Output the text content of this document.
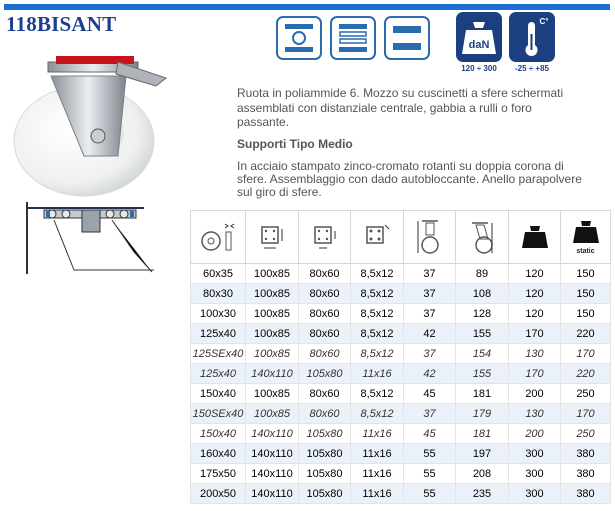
118BISANT
daN
120 ÷ 300
C°
-25 ÷ +85
Ruota in poliammide 6. Mozzo su cuscinetti a sfere schermati assemblati con distanziale centrale, gabbia a rulli o foro passante.
Supporti Tipo Medio
In acciaio stampato zinco-cromato rotanti su doppia corona di sfere. Assemblaggio con dado autobloccante. Anello parapolvere sul giro di sfere.

static

60x35	100x85	80x60	8,5x12	37	89	120	150
80x30	100x85	80x60	8,5x12	37	108	120	150
100x30	100x85	80x60	8,5x12	37	128	120	150
125x40	100x85	80x60	8,5x12	42	155	170	220
125SEx40	100x85	80x60	8,5x12	37	154	130	170
125x40	140x110	105x80	11x16	42	155	170	220
150x40	100x85	80x60	8,5x12	45	181	200	250
150SEx40	100x85	80x60	8,5x12	37	179	130	170
150x40	140x110	105x80	11x16	45	181	200	250
160x40	140x110	105x80	11x16	55	197	300	380
175x50	140x110	105x80	11x16	55	208	300	380
200x50	140x110	105x80	11x16	55	235	300	380
